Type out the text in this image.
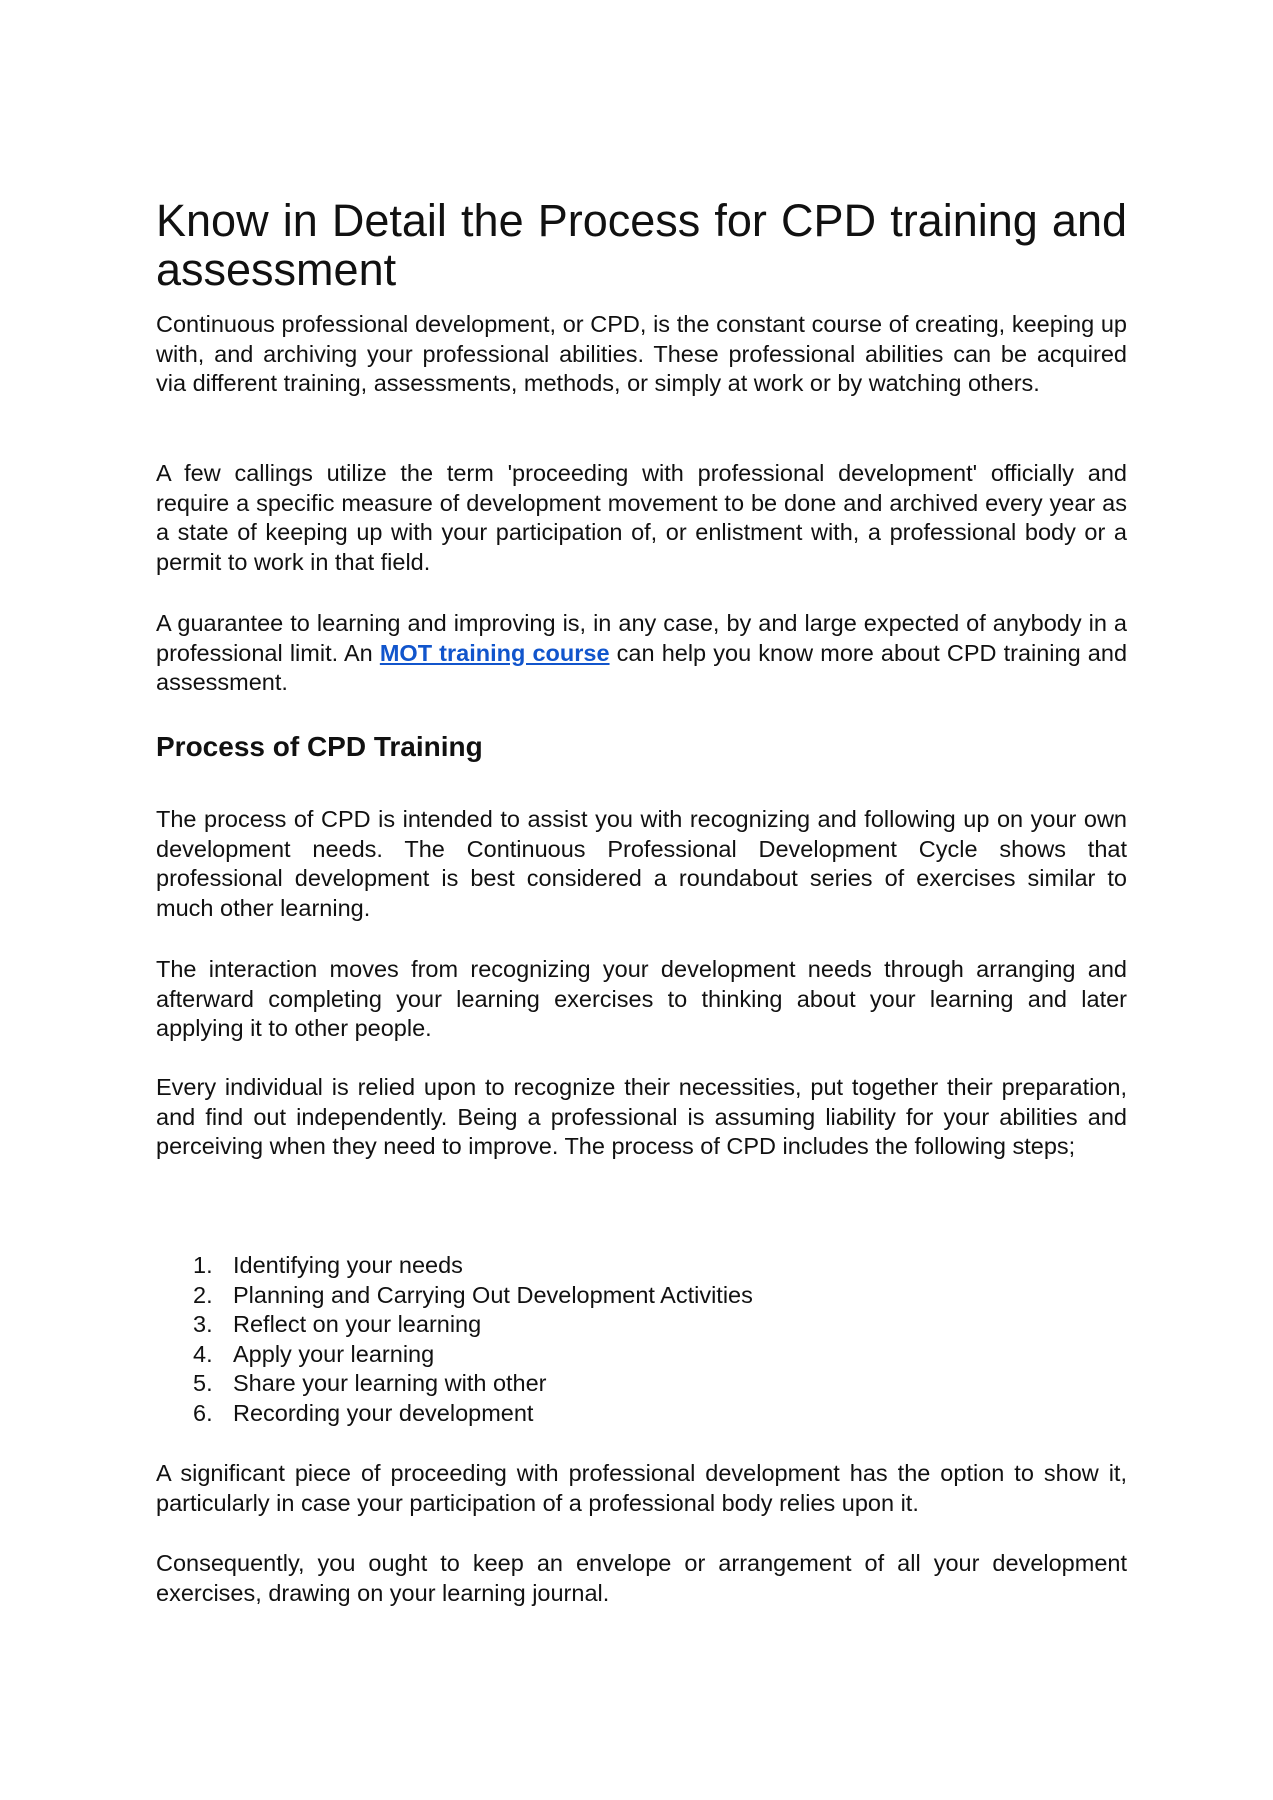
Know in Detail the Process for CPD training and assessment

Continuous professional development, or CPD, is the constant course of creating, keeping up with, and archiving your professional abilities. These professional abilities can be acquired via different training, assessments, methods, or simply at work or by watching others.

A few callings utilize the term 'proceeding with professional development' officially and require a specific measure of development movement to be done and archived every year as a state of keeping up with your participation of, or enlistment with, a professional body or a permit to work in that field.

A guarantee to learning and improving is, in any case, by and large expected of anybody in a professional limit. An MOT training course can help you know more about CPD training and assessment.

Process of CPD Training

The process of CPD is intended to assist you with recognizing and following up on your own development needs. The Continuous Professional Development Cycle shows that professional development is best considered a roundabout series of exercises similar to much other learning.

The interaction moves from recognizing your development needs through arranging and afterward completing your learning exercises to thinking about your learning and later applying it to other people.

Every individual is relied upon to recognize their necessities, put together their preparation, and find out independently. Being a professional is assuming liability for your abilities and perceiving when they need to improve. The process of CPD includes the following steps;

1. Identifying your needs
2. Planning and Carrying Out Development Activities
3. Reflect on your learning
4. Apply your learning
5. Share your learning with other
6. Recording your development

A significant piece of proceeding with professional development has the option to show it, particularly in case your participation of a professional body relies upon it.

Consequently, you ought to keep an envelope or arrangement of all your development exercises, drawing on your learning journal.
